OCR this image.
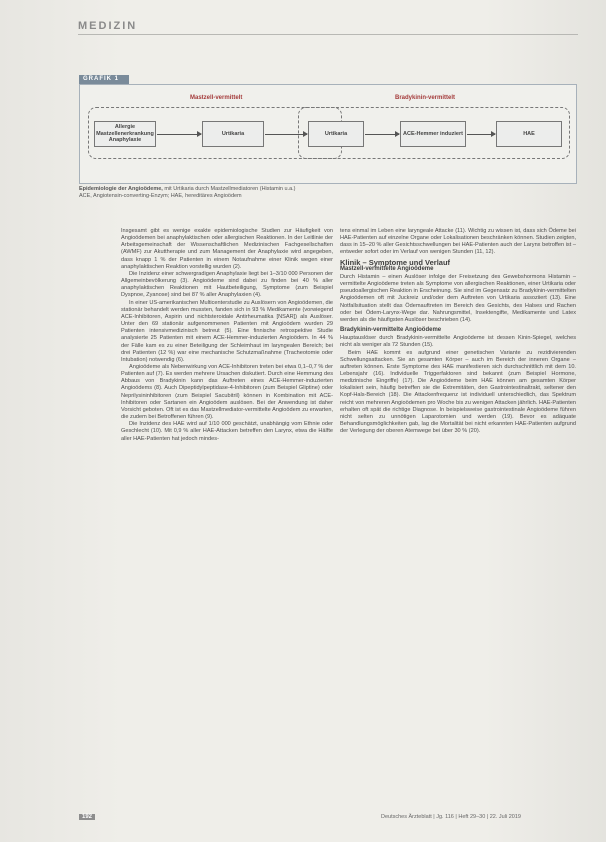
MEDIZIN
GRAFIK 1
Mastzell-vermittelt	Bradykinin-vermittelt
Allergie Mastzellenerkrankung Anaphylaxie
Urtikaria	Urtikaria	ACE-Hemmer induziert	HAE
Epidemiologie der Angioödeme, mit Urtikaria durch Mastzellmediatoren (Histamin u.a.)
ACE, Angiotensin-converting-Enzym; HAE, hereditäres Angioödem

Insgesamt gibt es wenige exakte epidemiologische Studien zur Häufigkeit von Angioödemen bei anaphylaktischen oder allergischen Reaktionen. In der Leitlinie der Arbeitsgemeinschaft der Wissenschaftlichen Medizinischen Fachgesellschaften (AWMF) zur Akuttherapie und zum Management der Anaphylaxie wird angegeben, dass knapp 1 % der Patienten in einem Notaufnahme einer Klinik wegen einer anaphylaktischen Reaktion vorstellig wurden (2).

Die Inzidenz einer schwergradigen Anaphylaxie liegt bei 1–3/10 000 Personen der Allgemeinbevölkerung (3). Angioödeme sind dabei zu finden bei 40 % aller anaphylaktischen Reaktionen mit Hautbeteiligung, Symptome (zum Beispiel Dyspnoe, Zyanose) sind bei 87 % aller Anaphylaxien (4).

In einer US-amerikanischen Multicenterstudie zu Auslösern von Angioödemen, die stationär behandelt werden mussten, fanden sich in 93 % Medikamente (vorwiegend ACE-Inhibitoren, Aspirin und nichtsteroidale Antirheumatika [NSAR]) als Auslöser. Unter den 69 stationär aufgenommenen Patienten mit Angioödem wurden 29 Patienten intensivmedizinisch betreut (5). Eine finnische retrospektive Studie analysierte 25 Patienten mit einem ACE-Hemmer-induzierten Angioödem. In 44 % der Fälle kam es zu einer Beteiligung der Schleimhaut im laryngealen Bereich; bei drei Patienten (12 %) war eine mechanische Schutzmaßnahme (Tracheotomie oder Intubation) notwendig (6).

Angioödeme als Nebenwirkung von ACE-Inhibitoren treten bei etwa 0,1–0,7 % der Patienten auf (7). Es werden mehrere Ursachen diskutiert. Durch eine Hemmung des Abbaus von Bradykinin kann das Auftreten eines ACE-Hemmer-induzierten Angioödems (8). Auch Dipeptidylpeptidase-4-Inhibitoren (zum Beispiel Gliptine) oder Neprilysininhibitoren (zum Beispiel Sacubitril) können in Kombination mit ACE-Inhibitoren oder Sartanen ein Angioödem auslösen. Bei der Anwendung ist daher Vorsicht geboten. Oft ist es das Mastzellmediator-vermittelte Angioödem zu erwarten, die zudem bei Betroffenen führen (9).

Die Inzidenz des HAE wird auf 1/10 000 geschätzt, unabhängig vom Ethnie oder Geschlecht (10). Mit 0,9 % aller HAE-Attacken betreffen den Larynx, etwa die Hälfte aller HAE-Patienten hat jedoch mindes-

tens einmal im Leben eine laryngeale Attacke (11). Wichtig zu wissen ist, dass sich Ödeme bei HAE-Patienten auf einzelne Organe oder Lokalisationen beschränken können. Studien zeigten, dass in 15–20 % aller Gesichtsschwellungen bei HAE-Patienten auch der Larynx betroffen ist – entweder sofort oder im Verlauf von wenigen Stunden (11, 12).

Klinik – Symptome und Verlauf
Mastzell-vermittelte Angioödeme

Durch Histamin – einen Auslöser infolge der Freisetzung des Gewebshormons Histamin – vermittelte Angioödeme treten als Symptome von allergischen Reaktionen, einer Urtikaria oder pseudoallergischen Reaktion in Erscheinung. Sie sind im Gegensatz zu Bradykinin-vermittelten Angioödemen oft mit Juckreiz und/oder dem Auftreten von Urtikaria assoziiert (13). Eine Notfallsituation stellt das Ödemauftreten im Bereich des Gesichts, des Halses und Rachen oder bei Ödem-Larynx-Wege dar. Nahrungsmittel, Insektengifte, Medikamente und Latex werden als die häufigsten Auslöser beschrieben (14).

Bradykinin-vermittelte Angioödeme

Hauptauslöser durch Bradykinin-vermittelte Angioödeme ist dessen Kinin-Spiegel, welches nicht als weniger als 72 Stunden (15).

Beim HAE kommt es aufgrund einer genetischen Variante zu rezidivierenden Schwellungsattacken. Sie an gesamten Körper – auch im Bereich der inneren Organe – auftreten können. Erste Symptome des HAE manifestieren sich durchschnittlich mit dem 10. Lebensjahr (16). Individuelle Triggerfaktoren sind bekannt (zum Beispiel Hormone, medizinische Eingriffe) (17). Die Angioödeme beim HAE können am gesamten Körper lokalisiert sein, häufig betreffen sie die Extremitäten, den Gastrointestinaltrakt, seltener den Kopf-Hals-Bereich (18). Die Attackenfrequenz ist individuell unterschiedlich, das Spektrum reicht von mehreren Angioödemen pro Woche bis zu wenigen Attacken jährlich. HAE-Patienten erhalten oft spät die richtige Diagnose. In beispielsweise gastrointestinale Angioödeme führen nicht selten zu unnötigen Laparotomien und werden (19). Bevor es adäquate Behandlungsmöglichkeiten gab, lag die Mortalität bei nicht erkannten HAE-Patienten aufgrund der Verlegung der oberen Atemwege bei über 30 % (20).

192	Deutsches Ärzteblatt | Jg. 116 | Heft 29–30 | 22. Juli 2019
